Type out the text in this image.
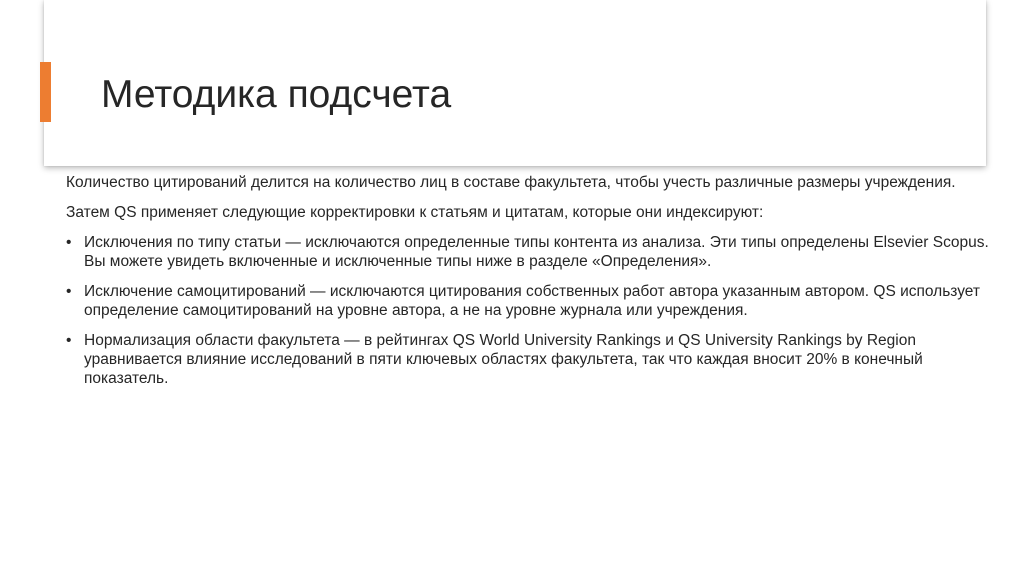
Методика подсчета

Количество цитирований делится на количество лиц в составе факультета, чтобы учесть различные размеры учреждения.

Затем QS применяет следующие корректировки к статьям и цитатам, которые они индексируют:

• Исключения по типу статьи — исключаются определенные типы контента из анализа. Эти типы определены Elsevier Scopus. Вы можете увидеть включенные и исключенные типы ниже в разделе «Определения».
• Исключение самоцитирований — исключаются цитирования собственных работ автора указанным автором. QS использует определение самоцитирований на уровне автора, а не на уровне журнала или учреждения.
• Нормализация области факультета — в рейтингах QS World University Rankings и QS University Rankings by Region уравнивается влияние исследований в пяти ключевых областях факультета, так что каждая вносит 20% в конечный показатель.
